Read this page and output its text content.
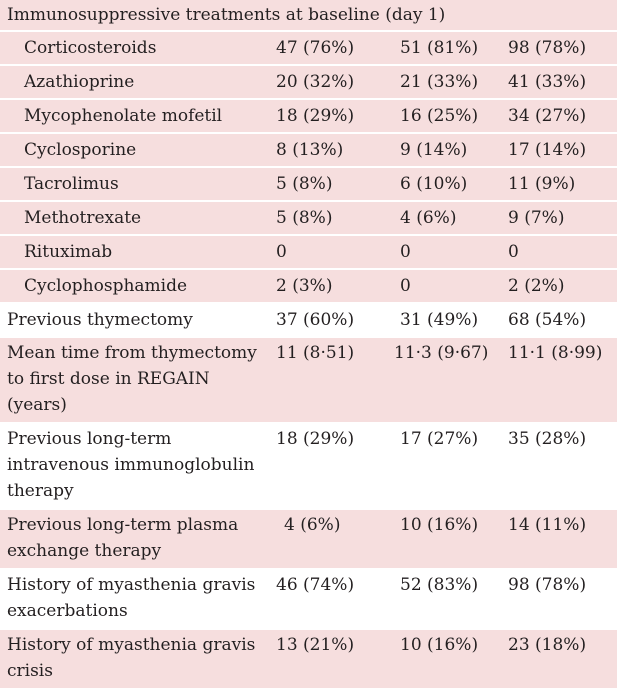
Immunosuppressive treatments at baseline (day 1)			
Corticosteroids	47 (76%)	51 (81%)	98 (78%)
Azathioprine	20 (32%)	21 (33%)	41 (33%)
Mycophenolate mofetil	18 (29%)	16 (25%)	34 (27%)
Cyclosporine	8 (13%)	9 (14%)	17 (14%)
Tacrolimus	5 (8%)	6 (10%)	11 (9%)
Methotrexate	5 (8%)	4 (6%)	9 (7%)
Rituximab	0	0	0
Cyclophosphamide	2 (3%)	0	2 (2%)
Previous thymectomy	37 (60%)	31 (49%)	68 (54%)
Mean time from thymectomy to first dose in REGAIN (years)	11 (8·51)	11·3 (9·67)	11·1 (8·99)
Previous long-term intravenous immunoglobulin therapy	18 (29%)	17 (27%)	35 (28%)
Previous long-term plasma exchange therapy	4 (6%)	10 (16%)	14 (11%)
History of myasthenia gravis exacerbations	46 (74%)	52 (83%)	98 (78%)
History of myasthenia gravis crisis	13 (21%)	10 (16%)	23 (18%)
